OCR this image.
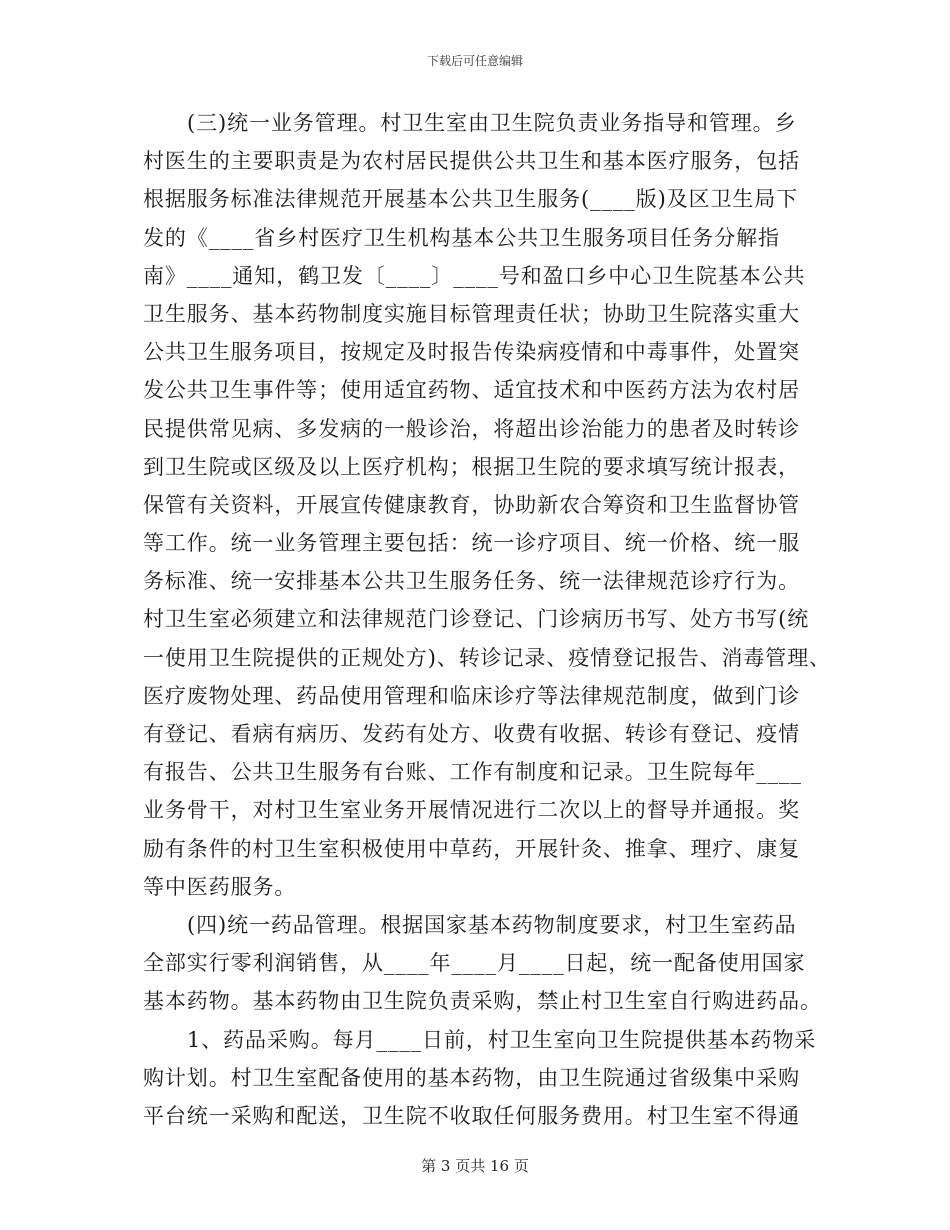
下载后可任意编辑
(三)统一业务管理。村卫生室由卫生院负责业务指导和管理。乡
村医生的主要职责是为农村居民提供公共卫生和基本医疗服务，包括
根据服务标准法律规范开展基本公共卫生服务(____版)及区卫生局下
发的《____省乡村医疗卫生机构基本公共卫生服务项目任务分解指
南》____通知，鹤卫发〔____〕____号和盈口乡中心卫生院基本公共
卫生服务、基本药物制度实施目标管理责任状；协助卫生院落实重大
公共卫生服务项目，按规定及时报告传染病疫情和中毒事件，处置突
发公共卫生事件等；使用适宜药物、适宜技术和中医药方法为农村居
民提供常见病、多发病的一般诊治，将超出诊治能力的患者及时转诊
到卫生院或区级及以上医疗机构；根据卫生院的要求填写统计报表，
保管有关资料，开展宣传健康教育，协助新农合筹资和卫生监督协管
等工作。统一业务管理主要包括：统一诊疗项目、统一价格、统一服
务标准、统一安排基本公共卫生服务任务、统一法律规范诊疗行为。
村卫生室必须建立和法律规范门诊登记、门诊病历书写、处方书写(统
一使用卫生院提供的正规处方)、转诊记录、疫情登记报告、消毒管理、
医疗废物处理、药品使用管理和临床诊疗等法律规范制度，做到门诊
有登记、看病有病历、发药有处方、收费有收据、转诊有登记、疫情
有报告、公共卫生服务有台账、工作有制度和记录。卫生院每年____
业务骨干，对村卫生室业务开展情况进行二次以上的督导并通报。奖
励有条件的村卫生室积极使用中草药，开展针灸、推拿、理疗、康复
等中医药服务。
(四)统一药品管理。根据国家基本药物制度要求，村卫生室药品
全部实行零利润销售，从____年____月____日起，统一配备使用国家
基本药物。基本药物由卫生院负责采购，禁止村卫生室自行购进药品。
1、药品采购。每月____日前，村卫生室向卫生院提供基本药物采
购计划。村卫生室配备使用的基本药物，由卫生院通过省级集中采购
平台统一采购和配送，卫生院不收取任何服务费用。村卫生室不得通
第 3 页共 16 页
